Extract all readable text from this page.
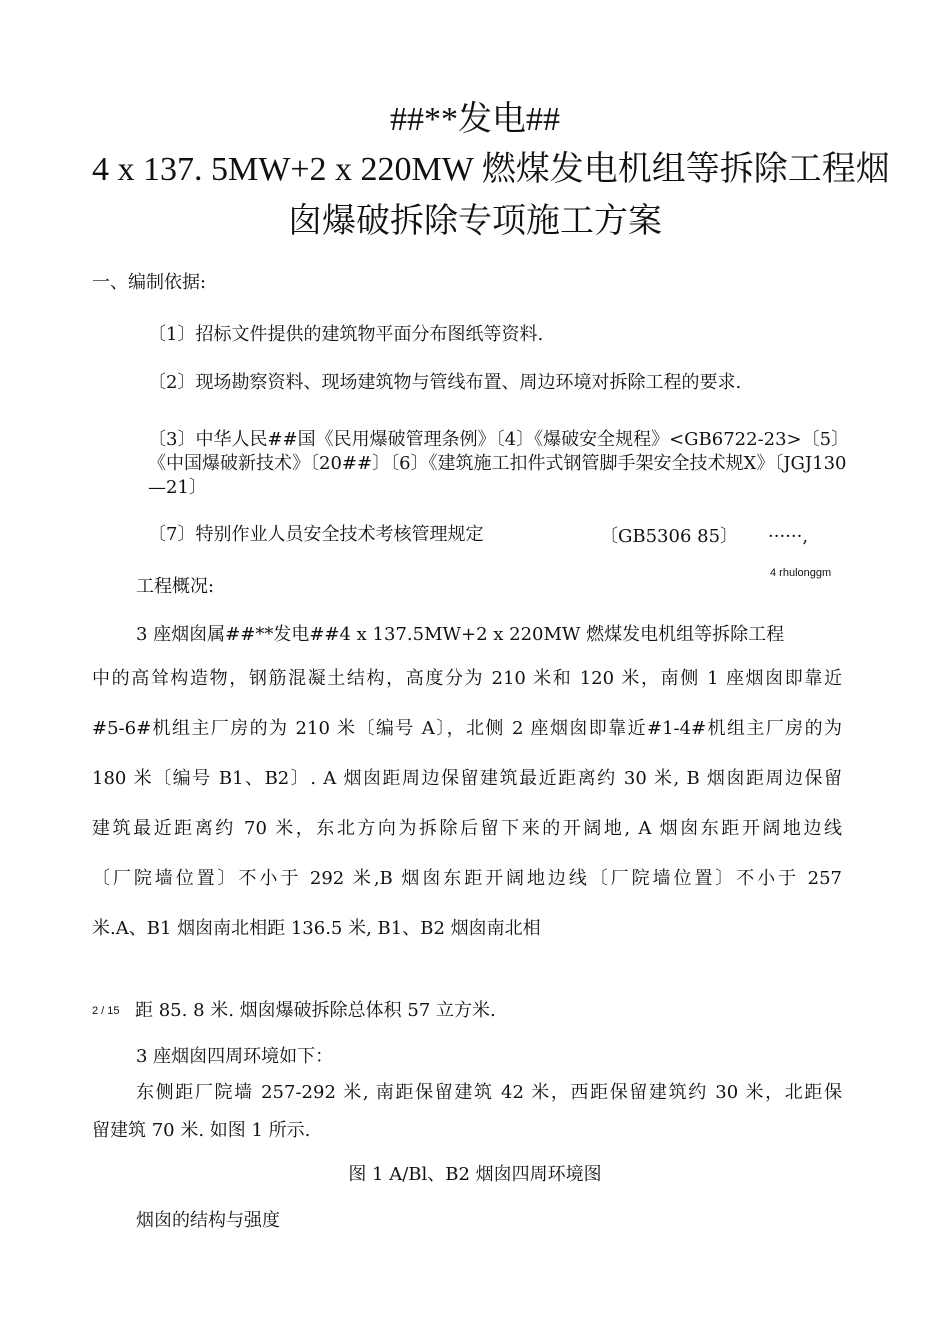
##**发电##
4 x 137. 5MW+2 x 220MW 燃煤发电机组等拆除工程烟
囱爆破拆除专项施工方案
一、编制依据:
〔1〕招标文件提供的建筑物平面分布图纸等资料.
〔2〕现场勘察资料、现场建筑物与管线布置、周边环境对拆除工程的要求.
〔3〕中华人民##国《民用爆破管理条例》〔4〕《爆破安全规程》<GB6722-23>〔5〕《中国爆破新技术》〔20##〕〔6〕《建筑施工扣件式钢管脚手架安全技术规X》〔JGJ130—21〕
〔7〕特别作业人员安全技术考核管理规定	〔GB5306 85〕 ······,
工程概况:
4 rhulonggm
3 座烟囱属##**发电##4 x 137.5MW+2 x 220MW 燃煤发电机组等拆除工程
中的高耸构造物，钢筋混凝土结构，高度分为 210 米和 120 米，南侧 1 座烟囱即靠近
#5-6#机组主厂房的为 210 米〔编号 A〕，北侧 2 座烟囱即靠近#1-4#机组主厂房的为
180 米〔编号 B1、B2〕. A 烟囱距周边保留建筑最近距离约 30 米, B 烟囱距周边保留
建筑最近距离约 70 米，东北方向为拆除后留下来的开阔地, A 烟囱东距开阔地边线
〔厂院墙位置〕不小于 292 米,B 烟囱东距开阔地边线〔厂院墙位置〕不小于 257
米.A、B1 烟囱南北相距 136.5 米, B1、B2 烟囱南北相
2 / 15 距 85. 8 米. 烟囱爆破拆除总体积 57 立方米.
3 座烟囱四周环境如下：
东侧距厂院墙 257-292 米, 南距保留建筑 42 米，西距保留建筑约 30 米，北距保
留建筑 70 米. 如图 1 所示.
图 1 A/Bl、B2 烟囱四周环境图
烟囱的结构与强度
